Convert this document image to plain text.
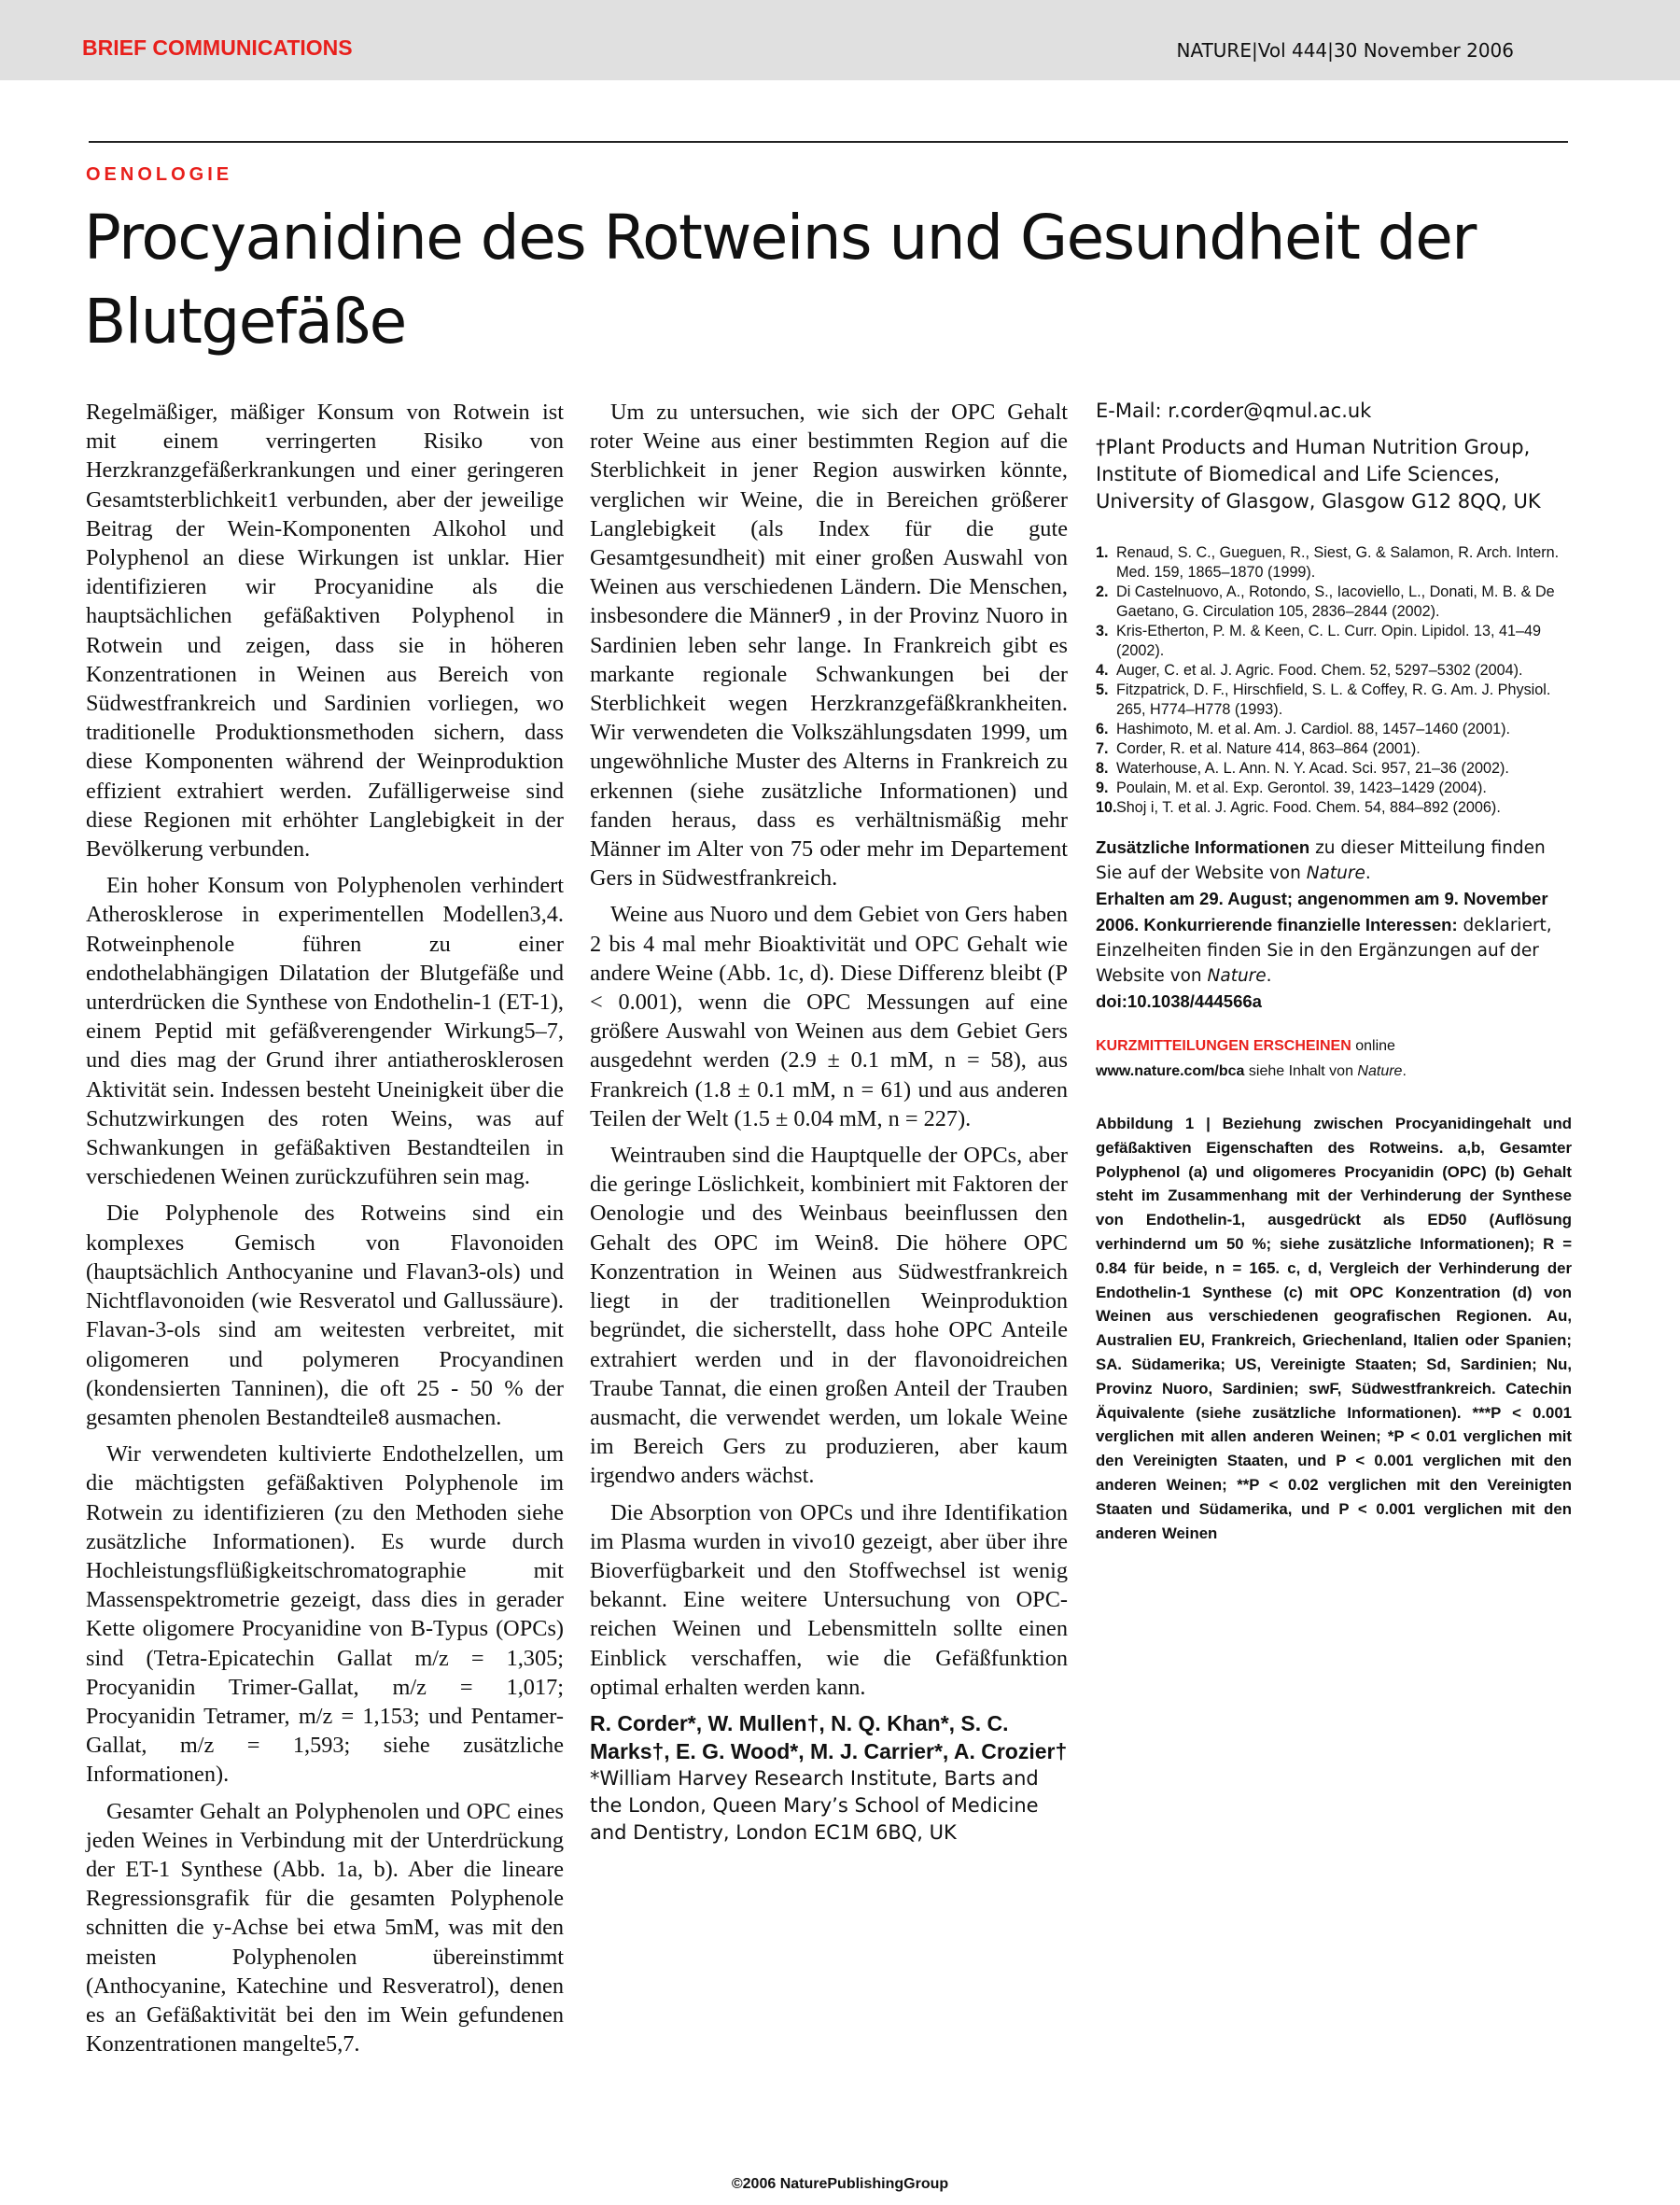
BRIEF COMMUNICATIONS	NATURE|Vol 444|30 November 2006
OENOLOGIE
Procyanidine des Rotweins und Gesundheit der Blutgefäße

Regelmäßiger, mäßiger Konsum von Rotwein ist mit einem verringerten Risiko von Herzkranzgefäßerkrankungen und einer geringeren Gesamtsterblichkeit1 verbunden, aber der jeweilige Beitrag der Wein-Komponenten Alkohol und Polyphenol an diese Wirkungen ist unklar. Hier identifizieren wir Procyanidine als die hauptsächlichen gefäßaktiven Polyphenol in Rotwein und zeigen, dass sie in höheren Konzentrationen in Weinen aus Bereich von Südwestfrankreich und Sardinien vorliegen, wo traditionelle Produktionsmethoden sichern, dass diese Komponenten während der Weinproduktion effizient extrahiert werden. Zufälligerweise sind diese Regionen mit erhöhter Langlebigkeit in der Bevölkerung verbunden.

Ein hoher Konsum von Polyphenolen verhindert Atherosklerose in experimentellen Modellen3,4. Rotweinphenole führen zu einer endothelabhängigen Dilatation der Blutgefäße und unterdrücken die Synthese von Endothelin-1 (ET-1), einem Peptid mit gefäßverengender Wirkung5–7, und dies mag der Grund ihrer antiatherosklerosen Aktivität sein. Indessen besteht Uneinigkeit über die Schutzwirkungen des roten Weins, was auf Schwankungen in gefäßaktiven Bestandteilen in verschiedenen Weinen zurückzuführen sein mag.

Die Polyphenole des Rotweins sind ein komplexes Gemisch von Flavonoiden (hauptsächlich Anthocyanine und Flavan3-ols) und Nichtflavonoiden (wie Resveratol und Gallussäure). Flavan-3-ols sind am weitesten verbreitet, mit oligomeren und polymeren Procyandinen (kondensierten Tanninen), die oft 25 - 50 % der gesamten phenolen Bestandteile8 ausmachen.

Wir verwendeten kultivierte Endothelzellen, um die mächtigsten gefäßaktiven Polyphenole im Rotwein zu identifizieren (zu den Methoden siehe zusätzliche Informationen). Es wurde durch Hochleistungsflüßigkeitschromatographie mit Massenspektrometrie gezeigt, dass dies in gerader Kette oligomere Procyanidine von B-Typus (OPCs) sind (Tetra-Epicatechin Gallat m/z = 1,305; Procyanidin Trimer-Gallat, m/z = 1,017; Procyanidin Tetramer, m/z = 1,153; und Pentamer-Gallat, m/z = 1,593; siehe zusätzliche Informationen).

Gesamter Gehalt an Polyphenolen und OPC eines jeden Weines in Verbindung mit der Unterdrückung der ET-1 Synthese (Abb. 1a, b). Aber die lineare Regressionsgrafik für die gesamten Polyphenole schnitten die y-Achse bei etwa 5mM, was mit den meisten Polyphenolen übereinstimmt (Anthocyanine, Katechine und Resveratrol), denen es an Gefäßaktivität bei den im Wein gefundenen Konzentrationen mangelte5,7.

Um zu untersuchen, wie sich der OPC Gehalt roter Weine aus einer bestimmten Region auf die Sterblichkeit in jener Region auswirken könnte, verglichen wir Weine, die in Bereichen größerer Langlebigkeit (als Index für die gute Gesamtgesundheit) mit einer großen Auswahl von Weinen aus verschiedenen Ländern. Die Menschen, insbesondere die Männer9 , in der Provinz Nuoro in Sardinien leben sehr lange. In Frankreich gibt es markante regionale Schwankungen bei der Sterblichkeit wegen Herzkranzgefäßkrankheiten. Wir verwendeten die Volkszählungsdaten 1999, um ungewöhnliche Muster des Alterns in Frankreich zu erkennen (siehe zusätzliche Informationen) und fanden heraus, dass es verhältnismäßig mehr Männer im Alter von 75 oder mehr im Departement Gers in Südwestfrankreich.

Weine aus Nuoro und dem Gebiet von Gers haben 2 bis 4 mal mehr Bioaktivität und OPC Gehalt wie andere Weine (Abb. 1c, d). Diese Differenz bleibt (P < 0.001), wenn die OPC Messungen auf eine größere Auswahl von Weinen aus dem Gebiet Gers ausgedehnt werden (2.9 ± 0.1 mM, n = 58), aus Frankreich (1.8 ± 0.1 mM, n = 61) und aus anderen Teilen der Welt (1.5 ± 0.04 mM, n = 227).

Weintrauben sind die Hauptquelle der OPCs, aber die geringe Löslichkeit, kombiniert mit Faktoren der Oenologie und des Weinbaus beeinflussen den Gehalt des OPC im Wein8. Die höhere OPC Konzentration in Weinen aus Südwestfrankreich liegt in der traditionellen Weinproduktion begründet, die sicherstellt, dass hohe OPC Anteile extrahiert werden und in der flavonoidreichen Traube Tannat, die einen großen Anteil der Trauben ausmacht, die verwendet werden, um lokale Weine im Bereich Gers zu produzieren, aber kaum irgendwo anders wächst.

Die Absorption von OPCs und ihre Identifikation im Plasma wurden in vivo10 gezeigt, aber über ihre Bioverfügbarkeit und den Stoffwechsel ist wenig bekannt. Eine weitere Untersuchung von OPC-reichen Weinen und Lebensmitteln sollte einen Einblick verschaffen, wie die Gefäßfunktion optimal erhalten werden kann.

R. Corder*, W. Mullen†, N. Q. Khan*, S. C. Marks†, E. G. Wood*, M. J. Carrier*, A. Crozier†
*William Harvey Research Institute, Barts and the London, Queen Mary’s School of Medicine and Dentistry, London EC1M 6BQ, UK

E-Mail: r.corder@qmul.ac.uk

†Plant Products and Human Nutrition Group, Institute of Biomedical and Life Sciences, University of Glasgow, Glasgow G12 8QQ, UK

1. Renaud, S. C., Gueguen, R., Siest, G. & Salamon, R. Arch. Intern. Med. 159, 1865–1870 (1999).

2. Di Castelnuovo, A., Rotondo, S., Iacoviello, L., Donati, M. B. & De Gaetano, G. Circulation 105, 2836–2844 (2002).

3. Kris-Etherton, P. M. & Keen, C. L. Curr. Opin. Lipidol. 13, 41–49 (2002).

4. Auger, C. et al. J. Agric. Food. Chem. 52, 5297–5302 (2004).

5. Fitzpatrick, D. F., Hirschfield, S. L. & Coffey, R. G. Am. J. Physiol. 265, H774–H778 (1993).

6. Hashimoto, M. et al. Am. J. Cardiol. 88, 1457–1460 (2001).

7. Corder, R. et al. Nature 414, 863–864 (2001).

8. Waterhouse, A. L. Ann. N. Y. Acad. Sci. 957, 21–36 (2002).

9. Poulain, M. et al. Exp. Gerontol. 39, 1423–1429 (2004).

10.Shoj i, T. et al. J. Agric. Food. Chem. 54, 884–892 (2006).

Zusätzliche Informationen zu dieser Mitteilung finden Sie auf der Website von Nature.
Erhalten am 29. August; angenommen am 9. November 2006. Konkurrierende finanzielle Interessen: deklariert, Einzelheiten finden Sie in den Ergänzungen auf der Website von Nature.
doi:10.1038/444566a
KURZMITTEILUNGEN ERSCHEINEN online
www.nature.com/bca siehe Inhalt von Nature.
Abbildung 1 | Beziehung zwischen Procyanidingehalt und gefäßaktiven Eigenschaften des Rotweins. a,b, Gesamter Polyphenol (a) und oligomeres Procyanidin (OPC) (b) Gehalt steht im Zusammenhang mit der Verhinderung der Synthese von Endothelin-1, ausgedrückt als ED50 (Auflösung verhindernd um 50 %; siehe zusätzliche Informationen); R = 0.84 für beide, n = 165. c, d, Vergleich der Verhinderung der Endothelin-1 Synthese (c) mit OPC Konzentration (d) von Weinen aus verschiedenen geografischen Regionen. Au, Australien EU, Frankreich, Griechenland, Italien oder Spanien; SA. Südamerika; US, Vereinigte Staaten; Sd, Sardinien; Nu, Provinz Nuoro, Sardinien; swF, Südwestfrankreich. Catechin Äquivalente (siehe zusätzliche Informationen). ***P < 0.001 verglichen mit allen anderen Weinen; *P < 0.01 verglichen mit den Vereinigten Staaten, und P < 0.001 verglichen mit den anderen Weinen; **P < 0.02 verglichen mit den Vereinigten Staaten und Südamerika, und P < 0.001 verglichen mit den anderen Weinen
©2006 NaturePublishingGroup
